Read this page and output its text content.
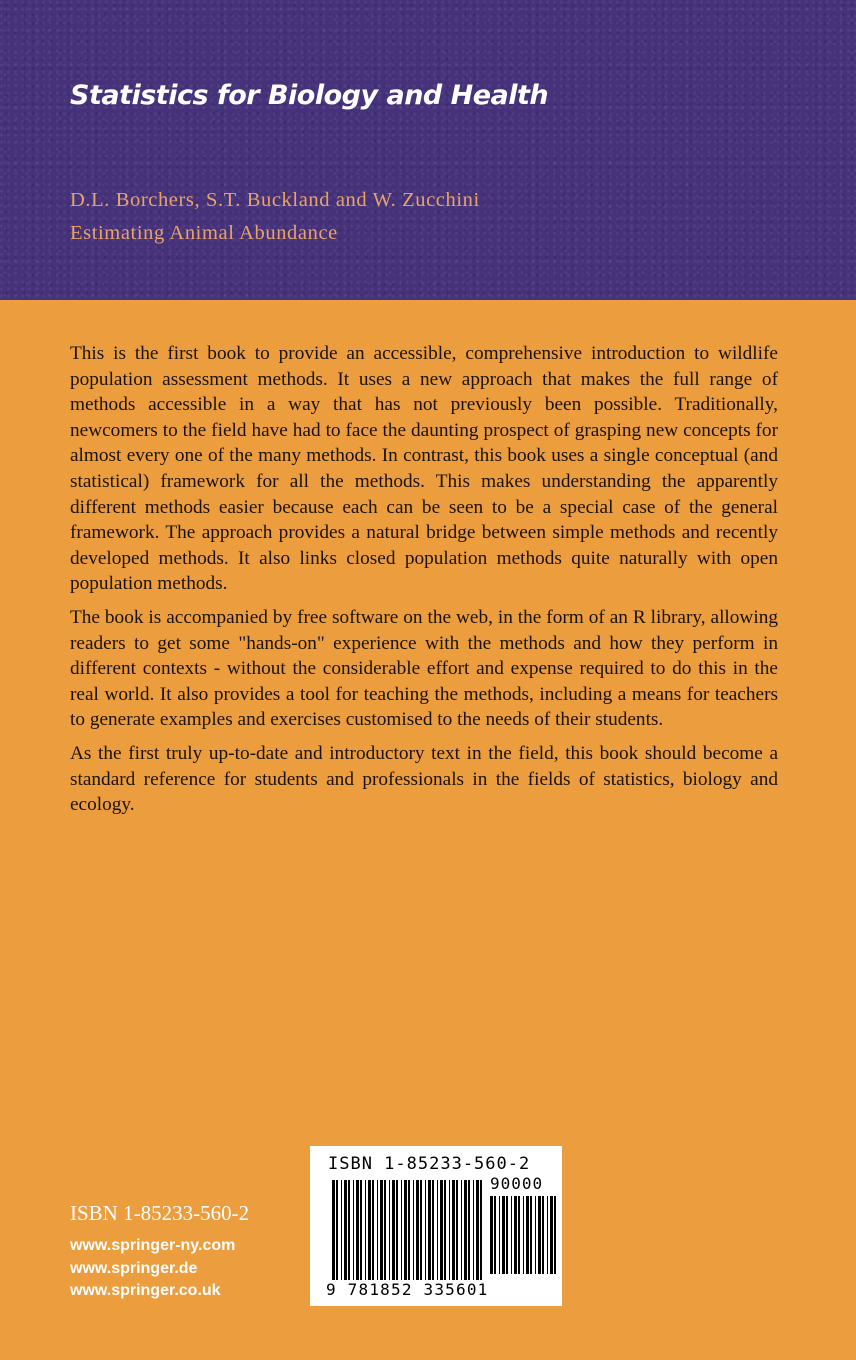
Statistics for Biology and Health

D.L. Borchers, S.T. Buckland and W. Zucchini

Estimating Animal Abundance

This is the first book to provide an accessible, comprehensive introduction to wildlife population assessment methods. It uses a new approach that makes the full range of methods accessible in a way that has not previously been possible. Traditionally, newcomers to the field have had to face the daunting prospect of grasping new concepts for almost every one of the many methods. In contrast, this book uses a single conceptual (and statistical) framework for all the methods. This makes understanding the apparently different methods easier because each can be seen to be a special case of the general framework. The approach provides a natural bridge between simple methods and recently developed methods. It also links closed population methods quite naturally with open population methods.

The book is accompanied by free software on the web, in the form of an R library, allowing readers to get some "hands-on" experience with the methods and how they perform in different contexts - without the considerable effort and expense required to do this in the real world. It also provides a tool for teaching the methods, including a means for teachers to generate examples and exercises customised to the needs of their students.

As the first truly up-to-date and introductory text in the field, this book should become a standard reference for students and professionals in the fields of statistics, biology and ecology.

ISBN 1-85233-560-2

www.springer-ny.com
www.springer.de
www.springer.co.uk
ISBN 1-85233-560-2
90000
9 781852 335601
